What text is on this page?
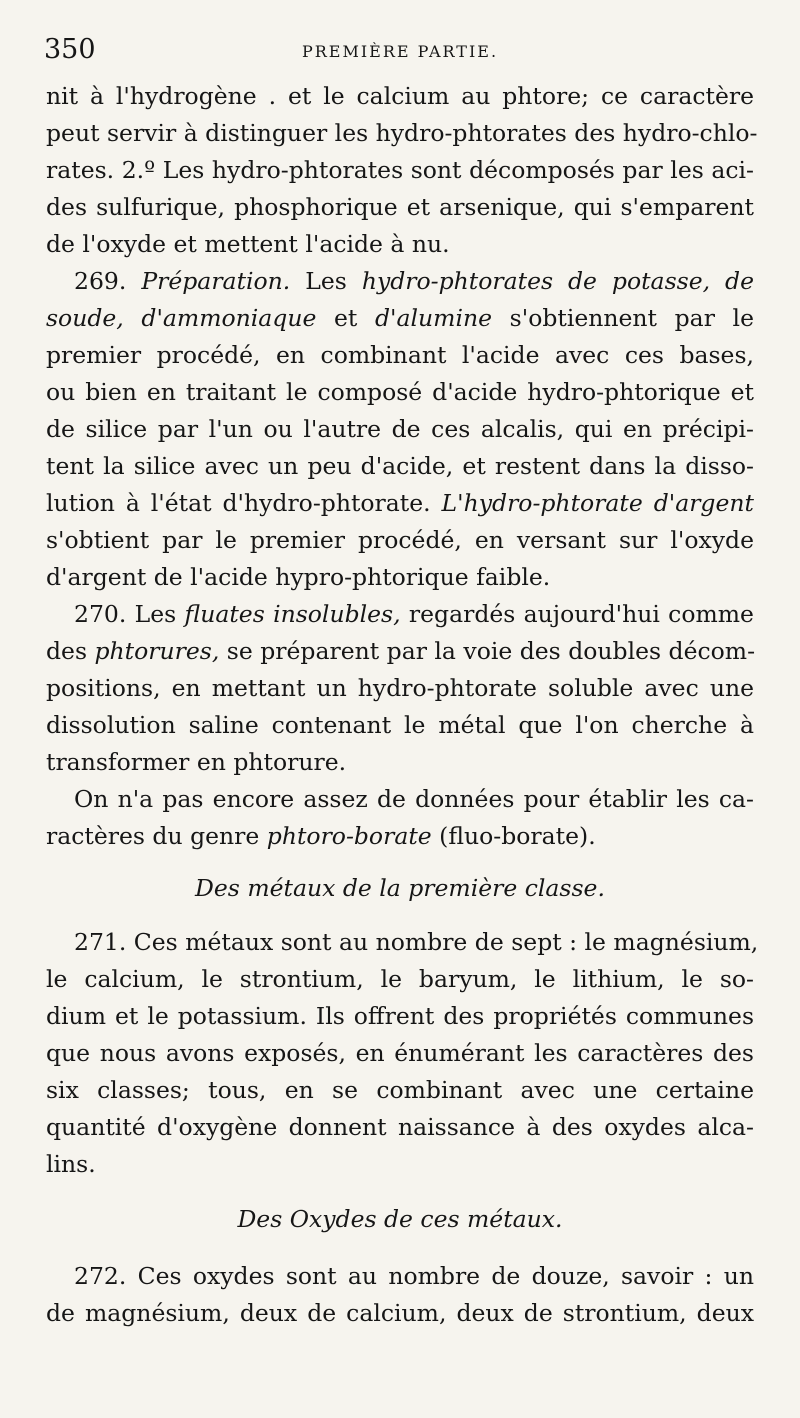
350	PREMIÈRE PARTIE.
nit à l'hydrogène . et le calcium au phtore; ce caractère
peut servir à distinguer les hydro-phtorates des hydro-chlo-
rates. 2.º Les hydro-phtorates sont décomposés par les aci-
des sulfurique, phosphorique et arsenique, qui s'emparent
de l'oxyde et mettent l'acide à nu.
269. Préparation. Les hydro-phtorates de potasse, de
soude, d'ammoniaque et d'alumine s'obtiennent par le
premier procédé, en combinant l'acide avec ces bases,
ou bien en traitant le composé d'acide hydro-phtorique et
de silice par l'un ou l'autre de ces alcalis, qui en précipi-
tent la silice avec un peu d'acide, et restent dans la disso-
lution à l'état d'hydro-phtorate. L'hydro-phtorate d'argent
s'obtient par le premier procédé, en versant sur l'oxyde
d'argent de l'acide hypro-phtorique faible.
270. Les fluates insolubles, regardés aujourd'hui comme
des phtorures, se préparent par la voie des doubles décom-
positions, en mettant un hydro-phtorate soluble avec une
dissolution saline contenant le métal que l'on cherche à
transformer en phtorure.
On n'a pas encore assez de données pour établir les ca-
ractères du genre phtoro-borate (fluo-borate).
Des métaux de la première classe.
271. Ces métaux sont au nombre de sept : le magnésium,
le calcium, le strontium, le baryum, le lithium, le so-
dium et le potassium. Ils offrent des propriétés communes
que nous avons exposés, en énumérant les caractères des
six classes; tous, en se combinant avec une certaine
quantité d'oxygène donnent naissance à des oxydes alca-
lins.
Des Oxydes de ces métaux.
272. Ces oxydes sont au nombre de douze, savoir : un
de magnésium, deux de calcium, deux de strontium, deux
